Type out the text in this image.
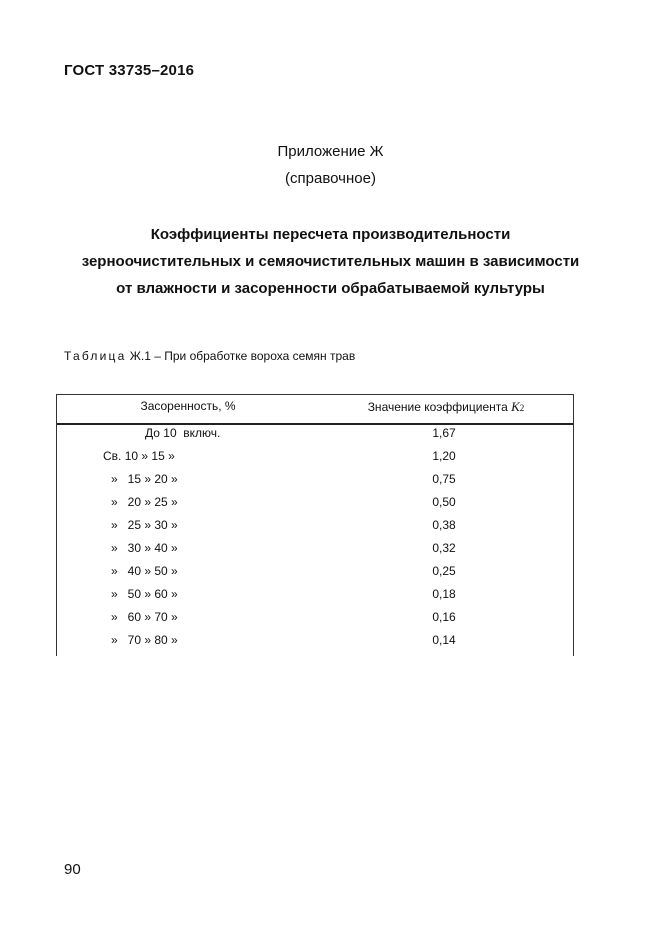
ГОСТ 33735–2016
Приложение Ж
(справочное)
Коэффициенты пересчета производительности
зерноочистительных и семяочистительных машин в зависимости
от влажности и засоренности обрабатываемой культуры
Таблица Ж.1 – При обработке вороха семян трав
Засоренность, %	Значение коэффициента K2
До 10  включ.	1,67
Св. 10 » 15 »	1,20
»   15 » 20 »	0,75
»   20 » 25 »	0,50
»   25 » 30 »	0,38
»   30 » 40 »	0,32
»   40 » 50 »	0,25
»   50 » 60 »	0,18
»   60 » 70 »	0,16
»   70 » 80 »	0,14
90
